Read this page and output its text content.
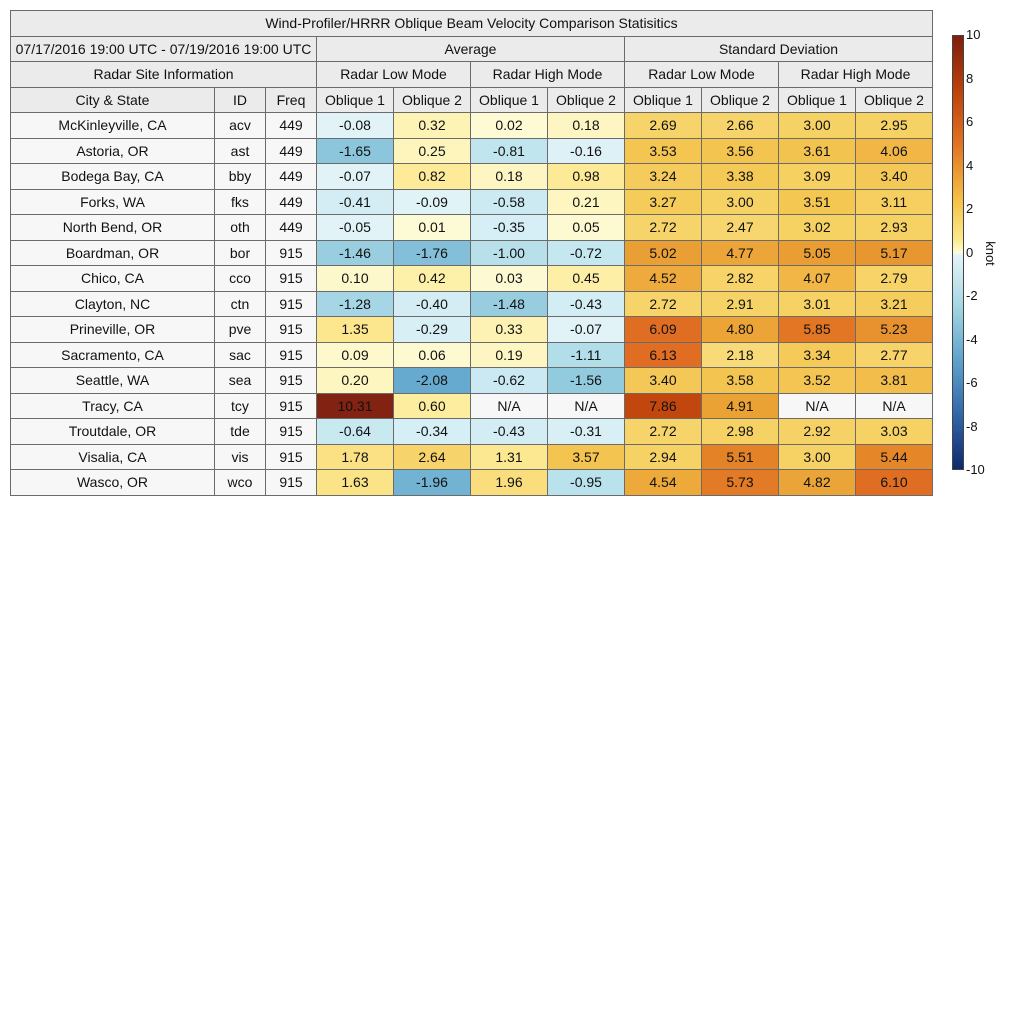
Wind-Profiler/HRRR Oblique Beam Velocity Comparison Statisitics										
07/17/2016 19:00 UTC - 07/19/2016 19:00 UTC			Average				Standard Deviation			
Radar Site Information			Radar Low Mode		Radar High Mode		Radar Low Mode		Radar High Mode	
City & State	ID	Freq	Oblique 1	Oblique 2	Oblique 1	Oblique 2	Oblique 1	Oblique 2	Oblique 1	Oblique 2
McKinleyville, CA	acv	449	-0.08	0.32	0.02	0.18	2.69	2.66	3.00	2.95
Astoria, OR	ast	449	-1.65	0.25	-0.81	-0.16	3.53	3.56	3.61	4.06
Bodega Bay, CA	bby	449	-0.07	0.82	0.18	0.98	3.24	3.38	3.09	3.40
Forks, WA	fks	449	-0.41	-0.09	-0.58	0.21	3.27	3.00	3.51	3.11
North Bend, OR	oth	449	-0.05	0.01	-0.35	0.05	2.72	2.47	3.02	2.93
Boardman, OR	bor	915	-1.46	-1.76	-1.00	-0.72	5.02	4.77	5.05	5.17
Chico, CA	cco	915	0.10	0.42	0.03	0.45	4.52	2.82	4.07	2.79
Clayton, NC	ctn	915	-1.28	-0.40	-1.48	-0.43	2.72	2.91	3.01	3.21
Prineville, OR	pve	915	1.35	-0.29	0.33	-0.07	6.09	4.80	5.85	5.23
Sacramento, CA	sac	915	0.09	0.06	0.19	-1.11	6.13	2.18	3.34	2.77
Seattle, WA	sea	915	0.20	-2.08	-0.62	-1.56	3.40	3.58	3.52	3.81
Tracy, CA	tcy	915	10.31	0.60	N/A	N/A	7.86	4.91	N/A	N/A
Troutdale, OR	tde	915	-0.64	-0.34	-0.43	-0.31	2.72	2.98	2.92	3.03
Visalia, CA	vis	915	1.78	2.64	1.31	3.57	2.94	5.51	3.00	5.44
Wasco, OR	wco	915	1.63	-1.96	1.96	-0.95	4.54	5.73	4.82	6.10
10
8
6
4
2
0
-2
-4
-6
-8
-10
knot
